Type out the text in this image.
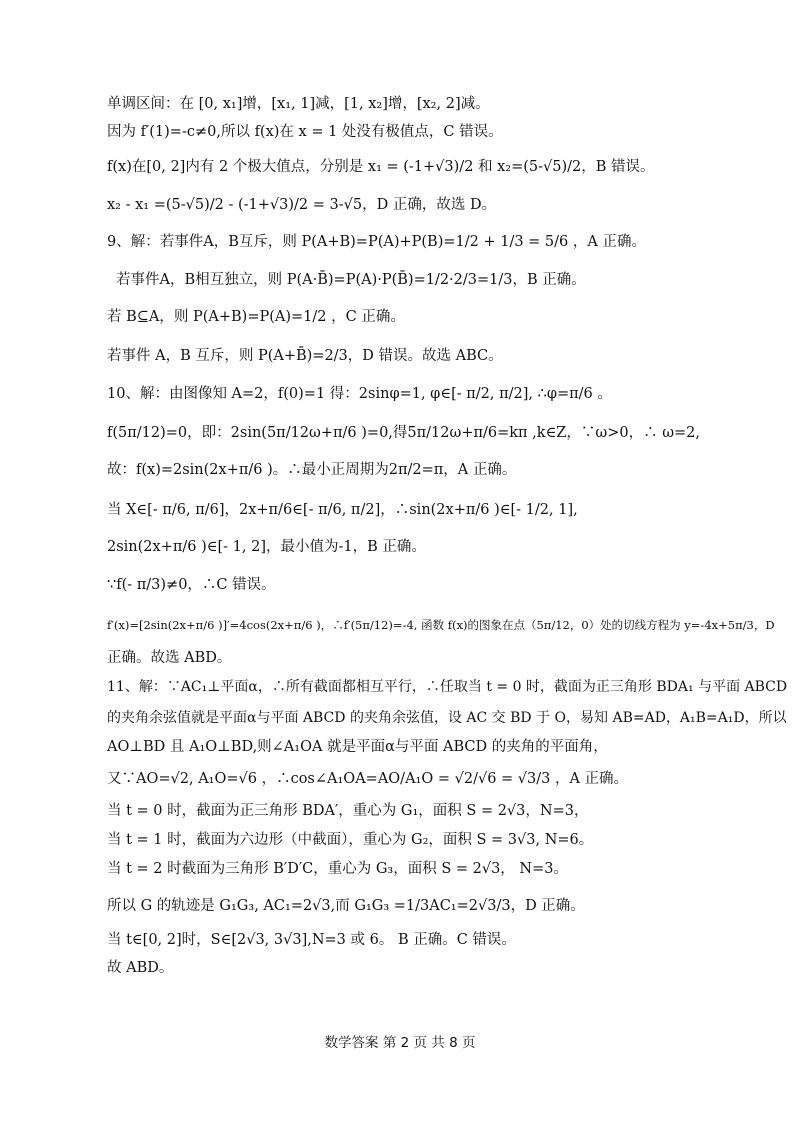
单调区间：在 [0, x₁]增，[x₁, 1]减，[1, x₂]增，[x₂, 2]减。
因为 f′(1)=-c≠0,所以 f(x)在 x = 1 处没有极值点，C 错误。
f(x)在[0, 2]内有 2 个极大值点，分别是 x₁ = (-1+√3)/2 和 x₂=(5-√5)/2，B 错误。
x₂ - x₁ =(5-√5)/2 - (-1+√3)/2 = 3-√5，D 正确，故选 D。
9、解：若事件A，B互斥，则 P(A+B)=P(A)+P(B)=1/2 + 1/3 = 5/6 ，A 正确。
若事件A，B相互独立，则 P(A·B̄)=P(A)·P(B̄)=1/2·2/3=1/3，B 正确。
若 B⊆A，则 P(A+B)=P(A)=1/2 ，C 正确。
若事件 A，B 互斥，则 P(A+B̄)=2/3，D 错误。故选 ABC。
10、解：由图像知 A=2，f(0)=1 得：2sinφ=1, φ∈[- π/2, π/2], ∴φ=π/6 。
f(5π/12)=0，即：2sin(5π/12ω+π/6 )=0,得5π/12ω+π/6=kπ ,k∈Z，∵ω>0，∴ ω=2,
故：f(x)=2sin(2x+π/6 )。∴最小正周期为2π/2=π，A 正确。
当 X∈[- π/6, π/6]，2x+π/6∈[- π/6, π/2]，∴sin(2x+π/6 )∈[- 1/2, 1],
2sin(2x+π/6 )∈[- 1, 2]，最小值为-1，B 正确。
∵f(- π/3)≠0，∴C 错误。
f′(x)=[2sin(2x+π/6 )]′=4cos(2x+π/6 )，∴f′(5π/12)=-4, 函数 f(x)的图象在点（5π/12，0）处的切线方程为 y=-4x+5π/3，D
正确。故选 ABD。
11、解：∵AC₁⊥平面α，∴所有截面都相互平行，∴任取当 t = 0 时，截面为正三角形 BDA₁ 与平面 ABCD
的夹角余弦值就是平面α与平面 ABCD 的夹角余弦值，设 AC 交 BD 于 O，易知 AB=AD，A₁B=A₁D，所以
AO⊥BD 且 A₁O⊥BD,则∠A₁OA 就是平面α与平面 ABCD 的夹角的平面角，
又∵AO=√2, A₁O=√6 ，∴cos∠A₁OA=AO/A₁O = √2/√6 = √3/3 ，A 正确。
当 t = 0 时，截面为正三角形 BDA′，重心为 G₁，面积 S = 2√3，N=3，
当 t = 1 时，截面为六边形（中截面），重心为 G₂，面积 S = 3√3, N=6。
当 t = 2 时截面为三角形 B′D′C，重心为 G₃，面积 S = 2√3， N=3。
所以 G 的轨迹是 G₁G₃, AC₁=2√3,而 G₁G₃ =1/3AC₁=2√3/3，D 正确。
当 t∈[0, 2]时，S∈[2√3, 3√3],N=3 或 6。 B 正确。C 错误。
故 ABD。
数学答案 第 2 页 共 8 页
